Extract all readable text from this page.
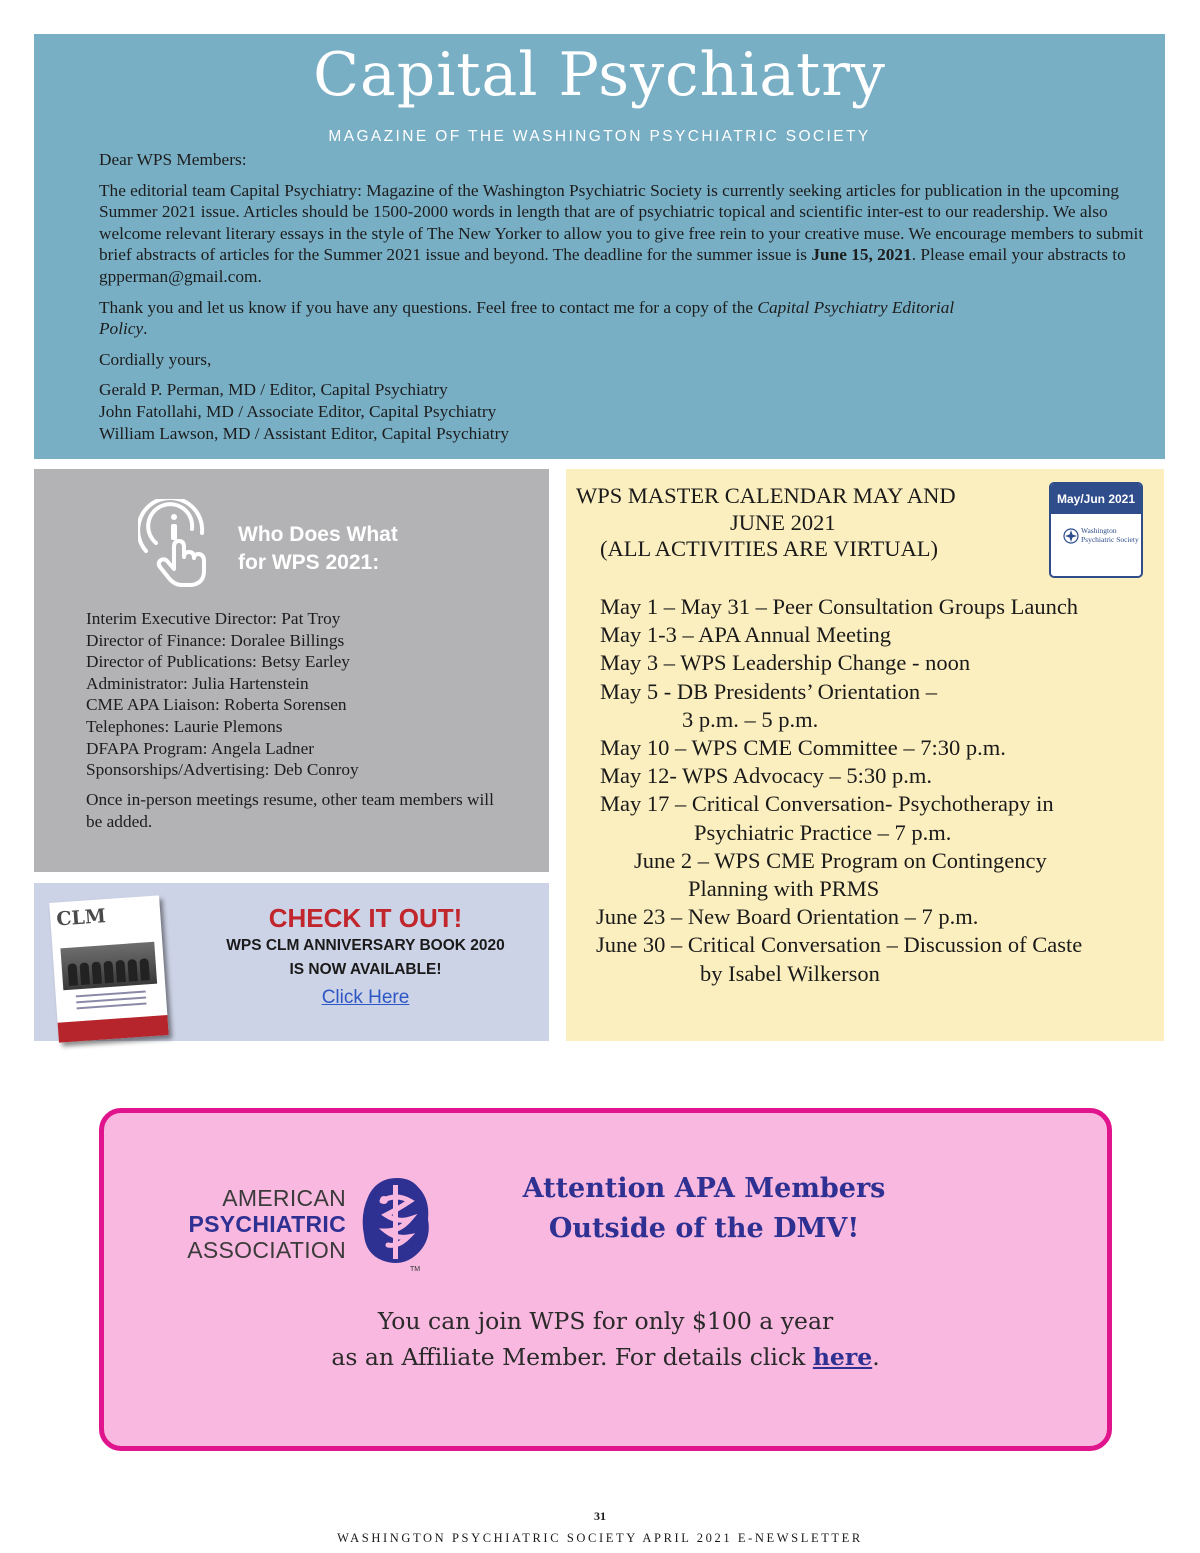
Capital Psychiatry
MAGAZINE OF THE WASHINGTON PSYCHIATRIC SOCIETY

Dear WPS Members:

The editorial team Capital Psychiatry: Magazine of the Washington Psychiatric Society is currently seeking articles for publication in the upcoming Summer 2021 issue. Articles should be 1500-2000 words in length that are of psychiatric topical and scientific inter-est to our readership. We also welcome relevant literary essays in the style of The New Yorker to allow you to give free rein to your creative muse. We encourage members to submit brief abstracts of articles for the Summer 2021 issue and beyond. The deadline for the summer issue is June 15, 2021. Please email your abstracts to gpperman@gmail.com.

Thank you and let us know if you have any questions. Feel free to contact me for a copy of the Capital Psychiatry Editorial Policy.

Cordially yours,

Gerald P. Perman, MD / Editor, Capital Psychiatry
John Fatollahi, MD / Associate Editor, Capital Psychiatry
William Lawson, MD / Assistant Editor, Capital Psychiatry
Who Does What
for WPS 2021:
Interim Executive Director: Pat Troy
Director of Finance: Doralee Billings
Director of Publications: Betsy Earley
Administrator: Julia Hartenstein
CME APA Liaison: Roberta Sorensen
Telephones: Laurie Plemons
DFAPA Program: Angela Ladner
Sponsorships/Advertising: Deb Conroy
Once in-person meetings resume, other team members will be added.
CLM	CHECK IT OUT!
WPS CLM ANNIVERSARY BOOK 2020
IS NOW AVAILABLE!
Click Here
WPS MASTER CALENDAR MAY AND
JUNE 2021
(ALL ACTIVITIES ARE VIRTUAL)
May/Jun 2021
Washington
Psychiatric Society
May 1 – May 31 – Peer Consultation Groups Launch
May 1-3 – APA Annual Meeting
May 3 – WPS Leadership Change - noon
May 5 - DB Presidents’ Orientation –
3 p.m. – 5 p.m.
May 10 – WPS CME Committee – 7:30 p.m.
May 12- WPS Advocacy – 5:30 p.m.
May 17 – Critical Conversation- Psychotherapy in
Psychiatric Practice – 7 p.m.
June 2 – WPS CME Program on Contingency
Planning with PRMS
June 23 – New Board Orientation – 7 p.m.
June 30 – Critical Conversation – Discussion of Caste
by Isabel Wilkerson
AMERICAN
PSYCHIATRIC
ASSOCIATION
TM
Attention APA Members
Outside of the DMV!
You can join WPS for only $100 a year
as an Affiliate Member. For details click here.
31
WASHINGTON PSYCHIATRIC SOCIETY APRIL 2021 E-NEWSLETTER
